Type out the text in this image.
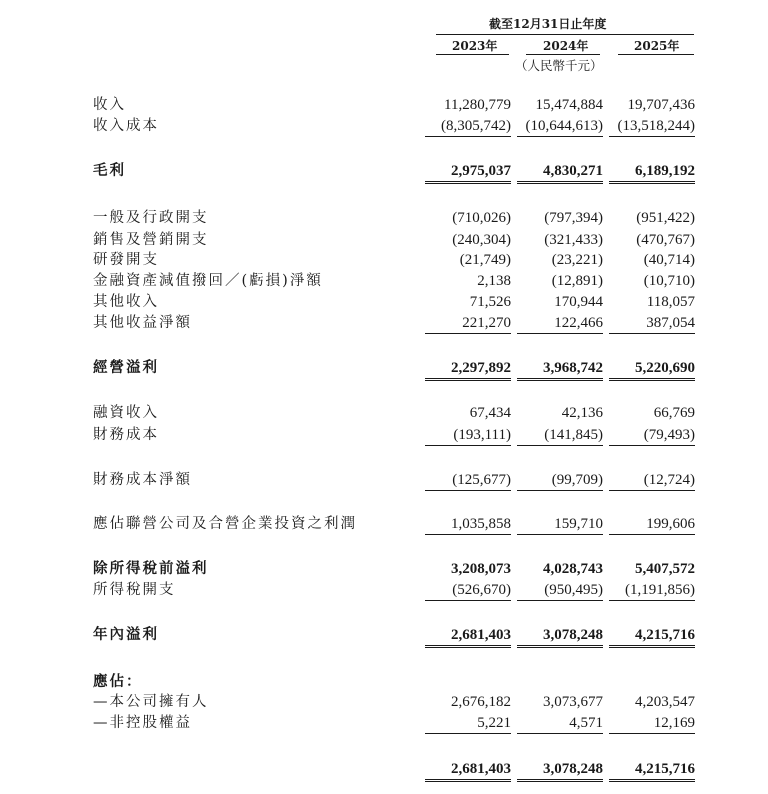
截至12月31日止年度
2023年	2024年	2025年
（人民幣千元）
收入	11,280,779	15,474,884	19,707,436
收入成本	(8,305,742) (10,644,613) (13,518,244)
毛利	2,975,037	4,830,271	6,189,192
一般及行政開支	(710,026)	(797,394)	(951,422)
銷售及營銷開支	(240,304)	(321,433)	(470,767)
研發開支	(21,749)	(23,221)	(40,714)
金融資產減值撥回／(虧損)淨額	2,138	(12,891)	(10,710)
其他收入	71,526	170,944	118,057
其他收益淨額	221,270	122,466	387,054
經營溢利	2,297,892	3,968,742	5,220,690
融資收入	67,434	42,136	66,769
財務成本	(193,111)	(141,845)	(79,493)
財務成本淨額	(125,677)	(99,709)	(12,724)
應佔聯營公司及合營企業投資之利潤	1,035,858	159,710	199,606
除所得稅前溢利	3,208,073	4,028,743	5,407,572
所得稅開支	(526,670)	(950,495)	(1,191,856)
年內溢利	2,681,403	3,078,248	4,215,716
應佔：
—本公司擁有人	2,676,182	3,073,677	4,203,547
—非控股權益	5,221	4,571	12,169
2,681,403	3,078,248	4,215,716
